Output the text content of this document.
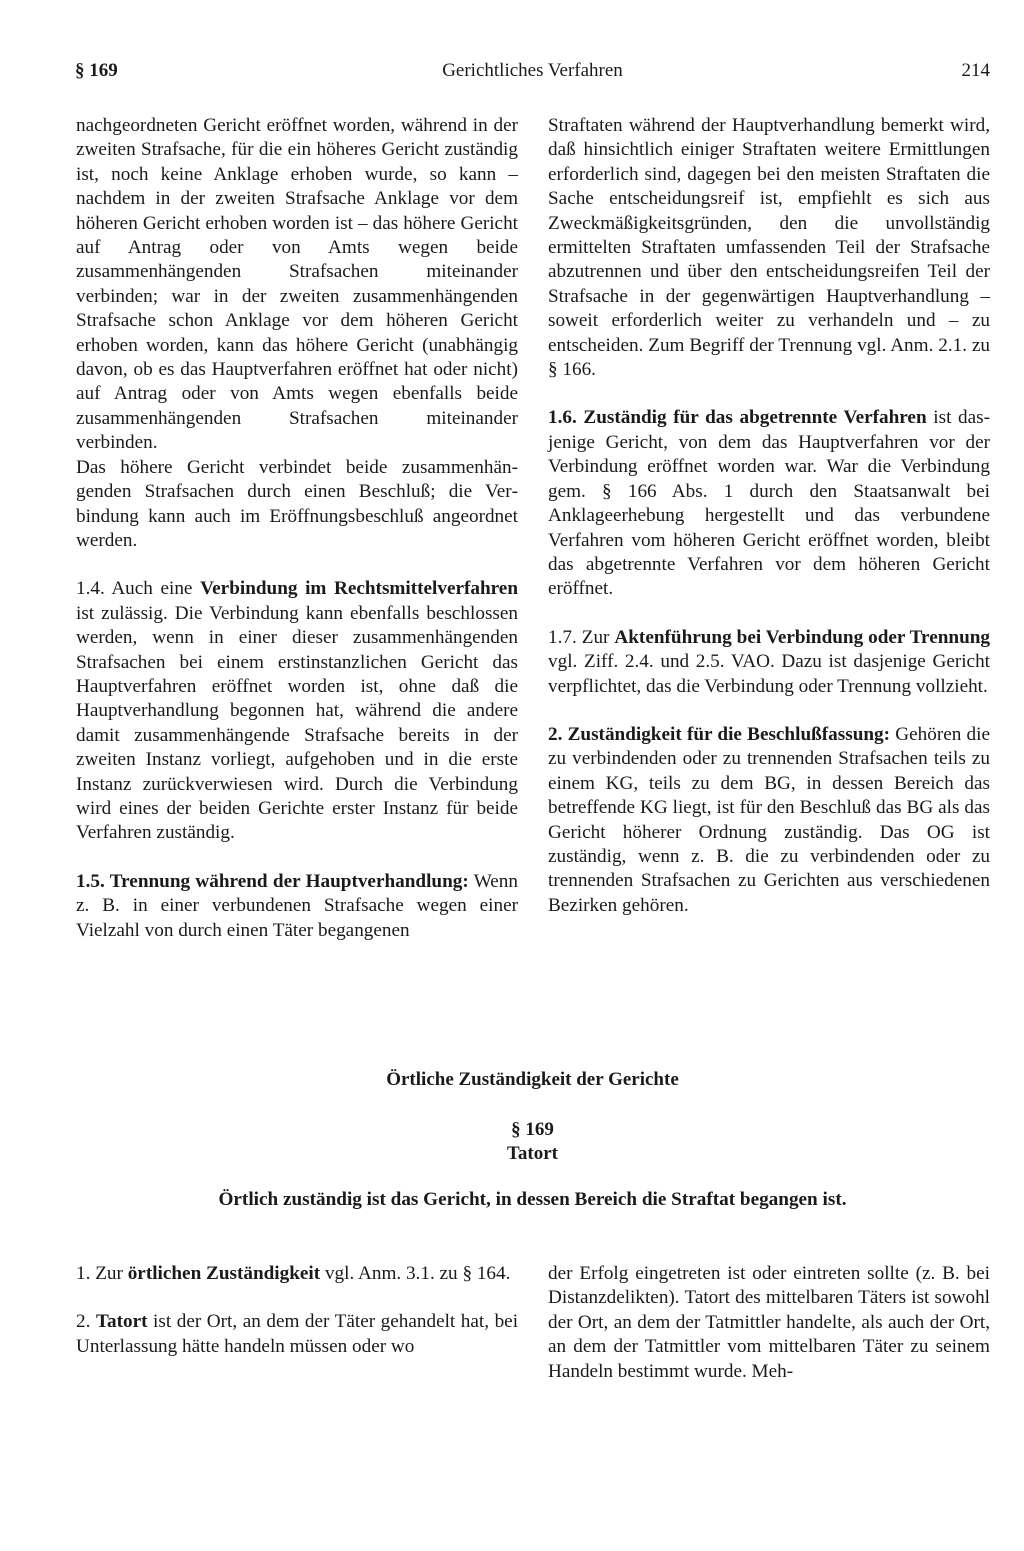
§ 169	Gerichtliches Verfahren	214

nachgeordneten Gericht eröffnet worden, während in der zweiten Strafsache, für die ein höheres Gericht zuständig ist, noch keine Anklage erhoben wurde, so kann – nachdem in der zweiten Strafsache Anklage vor dem höheren Gericht erhoben worden ist – das höhere Gericht auf Antrag oder von Amts wegen beide zusammenhängenden Strafsachen miteinander verbinden; war in der zweiten zusammenhängenden Strafsache schon Anklage vor dem höheren Gericht erhoben worden, kann das höhere Gericht (unabhängig davon, ob es das Hauptverfahren eröffnet hat oder nicht) auf Antrag oder von Amts wegen ebenfalls beide zusammenhängenden Strafsachen miteinander verbinden.

Das höhere Gericht verbindet beide zusammenhängenden Strafsachen durch einen Beschluß; die Verbindung kann auch im Eröffnungsbeschluß angeordnet werden.

1.4. Auch eine Verbindung im Rechtsmittelverfahren ist zulässig. Die Verbindung kann ebenfalls beschlossen werden, wenn in einer dieser zusammenhängenden Strafsachen bei einem erstinstanzlichen Gericht das Hauptverfahren eröffnet worden ist, ohne daß die Hauptverhandlung begonnen hat, während die andere damit zusammenhängende Strafsache bereits in der zweiten Instanz vorliegt, aufgehoben und in die erste Instanz zurückverwiesen wird. Durch die Verbindung wird eines der beiden Gerichte erster Instanz für beide Verfahren zuständig.

1.5. Trennung während der Hauptverhandlung: Wenn z. B. in einer verbundenen Strafsache wegen einer Vielzahl von durch einen Täter begangenen

Straftaten während der Hauptverhandlung bemerkt wird, daß hinsichtlich einiger Straftaten weitere Ermittlungen erforderlich sind, dagegen bei den meisten Straftaten die Sache entscheidungsreif ist, empfiehlt es sich aus Zweckmäßigkeitsgründen, den die unvollständig ermittelten Straftaten umfassenden Teil der Strafsache abzutrennen und über den entscheidungsreifen Teil der Strafsache in der gegenwärtigen Hauptverhandlung – soweit erforderlich weiter zu verhandeln und – zu entscheiden. Zum Begriff der Trennung vgl. Anm. 2.1. zu § 166.

1.6. Zuständig für das abgetrennte Verfahren ist dasjenige Gericht, von dem das Hauptverfahren vor der Verbindung eröffnet worden war. War die Verbindung gem. § 166 Abs. 1 durch den Staatsanwalt bei Anklageerhebung hergestellt und das verbundene Verfahren vom höheren Gericht eröffnet worden, bleibt das abgetrennte Verfahren vor dem höheren Gericht eröffnet.

1.7. Zur Aktenführung bei Verbindung oder Trennung vgl. Ziff. 2.4. und 2.5. VAO. Dazu ist dasjenige Gericht verpflichtet, das die Verbindung oder Trennung vollzieht.

2. Zuständigkeit für die Beschlußfassung: Gehören die zu verbindenden oder zu trennenden Strafsachen teils zu einem KG, teils zu dem BG, in dessen Bereich das betreffende KG liegt, ist für den Beschluß das BG als das Gericht höherer Ordnung zuständig. Das OG ist zuständig, wenn z. B. die zu verbindenden oder zu trennenden Strafsachen zu Gerichten aus verschiedenen Bezirken gehören.

Örtliche Zuständigkeit der Gerichte
§ 169
Tatort
Örtlich zuständig ist das Gericht, in dessen Bereich die Straftat begangen ist.

1. Zur örtlichen Zuständigkeit vgl. Anm. 3.1. zu § 164.

2. Tatort ist der Ort, an dem der Täter gehandelt hat, bei Unterlassung hätte handeln müssen oder wo

der Erfolg eingetreten ist oder eintreten sollte (z. B. bei Distanzdelikten). Tatort des mittelbaren Täters ist sowohl der Ort, an dem der Tatmittler handelte, als auch der Ort, an dem der Tatmittler vom mittelbaren Täter zu seinem Handeln bestimmt wurde. Meh-
